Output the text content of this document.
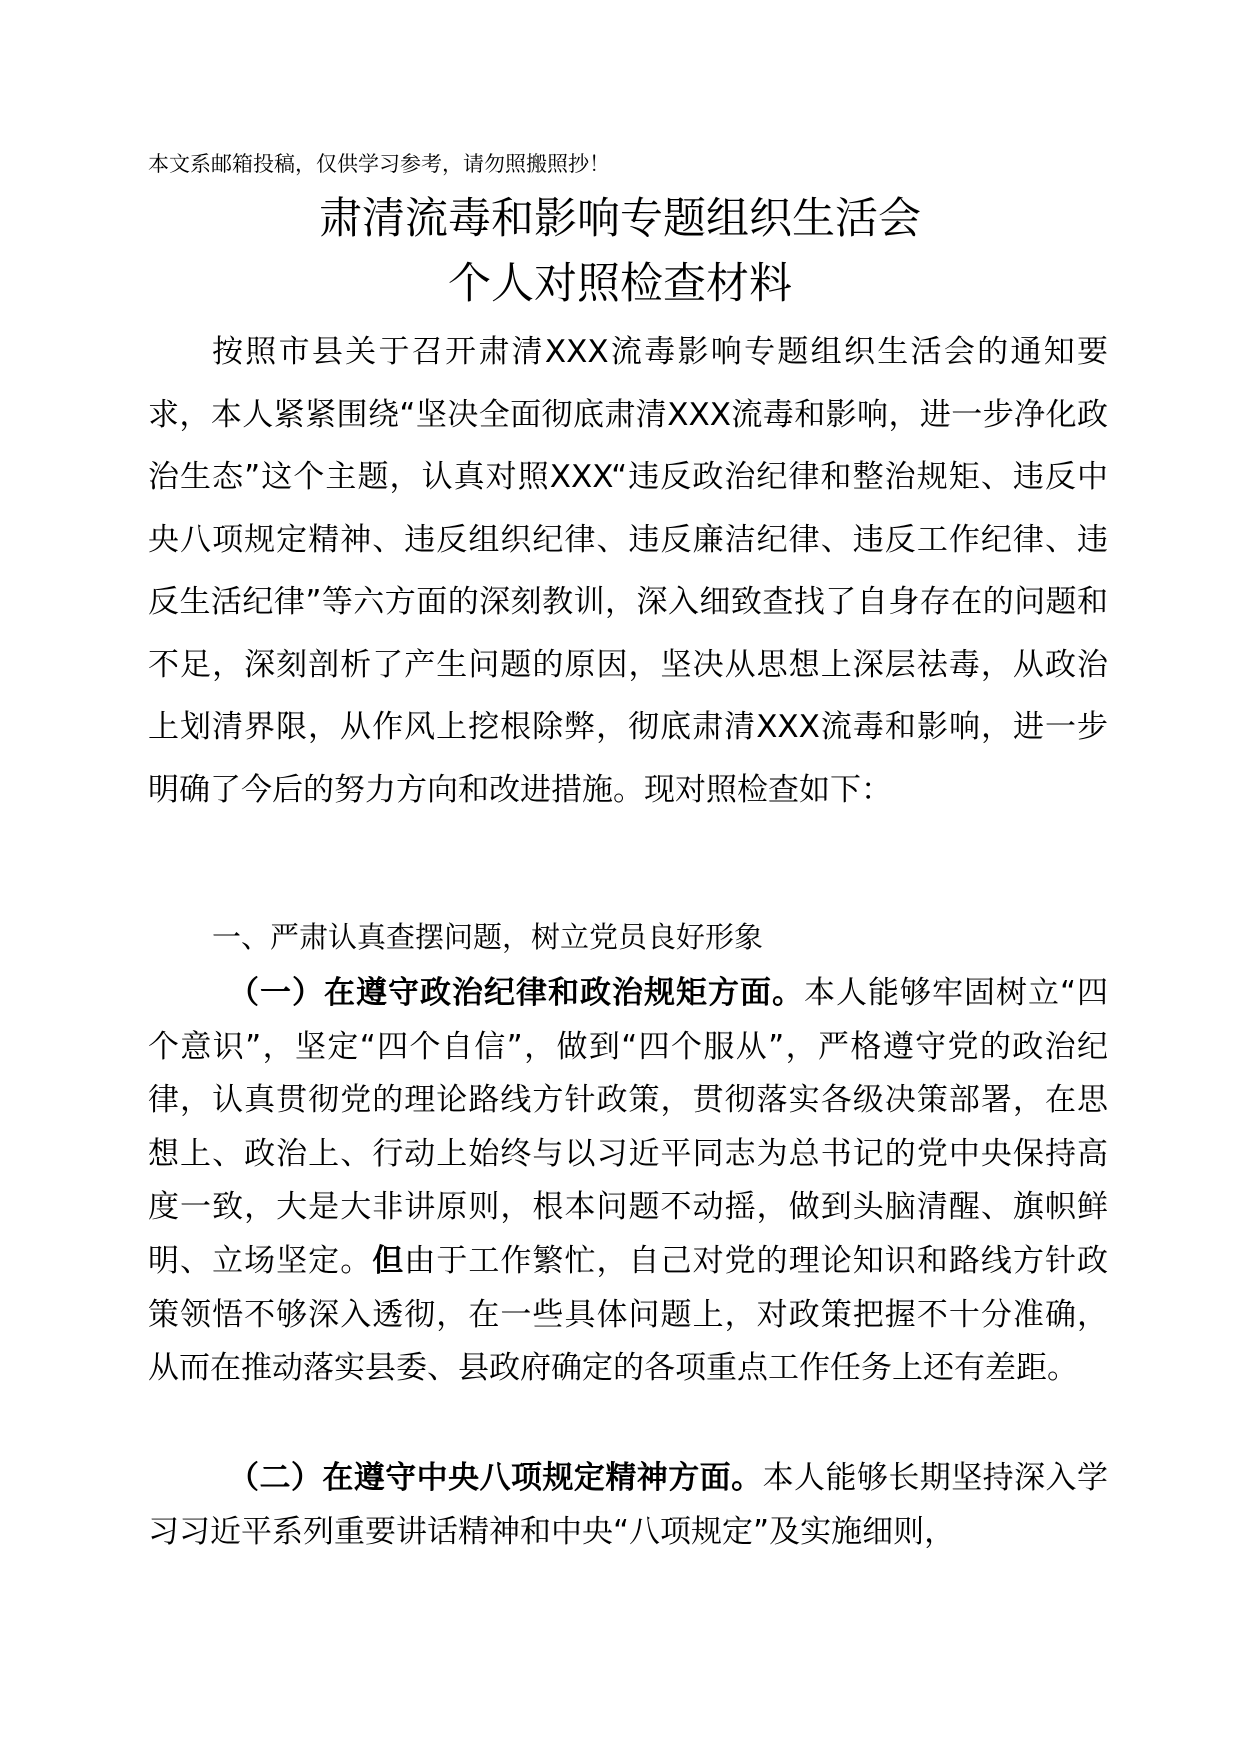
本文系邮箱投稿，仅供学习参考，请勿照搬照抄！
肃清流毒和影响专题组织生活会
个人对照检查材料

按照市县关于召开肃清XXX流毒影响专题组织生活会的通知要求，本人紧紧围绕“坚决全面彻底肃清XXX流毒和影响，进一步净化政治生态”这个主题，认真对照XXX“违反政治纪律和整治规矩、违反中央八项规定精神、违反组织纪律、违反廉洁纪律、违反工作纪律、违反生活纪律”等六方面的深刻教训，深入细致查找了自身存在的问题和不足，深刻剖析了产生问题的原因，坚决从思想上深层祛毒，从政治上划清界限，从作风上挖根除弊，彻底肃清XXX流毒和影响，进一步明确了今后的努力方向和改进措施。现对照检查如下：

一、严肃认真查摆问题，树立党员良好形象

（一）在遵守政治纪律和政治规矩方面。本人能够牢固树立“四个意识”，坚定“四个自信”，做到“四个服从”，严格遵守党的政治纪律，认真贯彻党的理论路线方针政策，贯彻落实各级决策部署，在思想上、政治上、行动上始终与以习近平同志为总书记的党中央保持高度一致，大是大非讲原则，根本问题不动摇，做到头脑清醒、旗帜鲜明、立场坚定。但由于工作繁忙，自己对党的理论知识和路线方针政策领悟不够深入透彻，在一些具体问题上，对政策把握不十分准确，从而在推动落实县委、县政府确定的各项重点工作任务上还有差距。

（二）在遵守中央八项规定精神方面。本人能够长期坚持深入学习习近平系列重要讲话精神和中央“八项规定”及实施细则，
